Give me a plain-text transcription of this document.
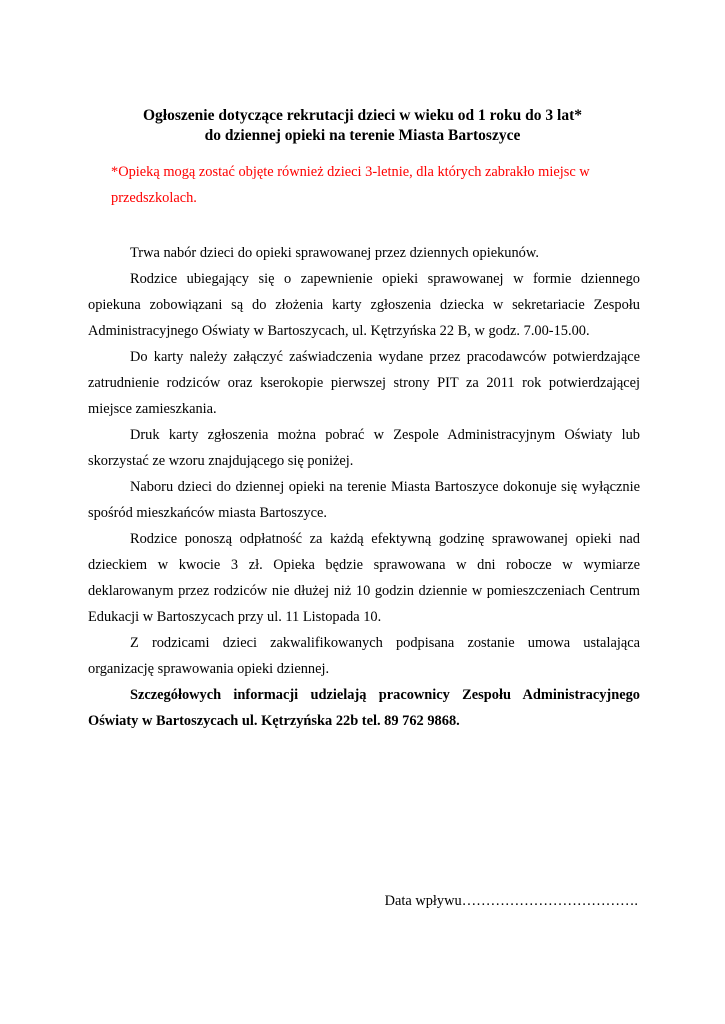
Ogłoszenie dotyczące rekrutacji dzieci w wieku od 1 roku do 3 lat*
do dziennej opieki na terenie Miasta Bartoszyce
*Opieką mogą zostać objęte również dzieci 3-letnie, dla których zabrakło miejsc w przedszkolach.

Trwa nabór dzieci do opieki sprawowanej przez dziennych opiekunów.

Rodzice ubiegający się o zapewnienie opieki sprawowanej w formie dziennego opiekuna zobowiązani są do złożenia karty zgłoszenia dziecka w sekretariacie Zespołu Administracyjnego Oświaty w Bartoszycach, ul. Kętrzyńska 22 B, w godz. 7.00-15.00.

Do karty należy załączyć zaświadczenia wydane przez pracodawców potwierdzające zatrudnienie rodziców oraz kserokopie pierwszej strony PIT za 2011 rok potwierdzającej miejsce zamieszkania.

Druk karty zgłoszenia można pobrać w Zespole Administracyjnym Oświaty lub skorzystać ze wzoru znajdującego się poniżej.

Naboru dzieci do dziennej opieki na terenie Miasta Bartoszyce dokonuje się wyłącznie spośród mieszkańców miasta Bartoszyce.

Rodzice ponoszą odpłatność za każdą efektywną godzinę sprawowanej opieki nad dzieckiem w kwocie 3 zł. Opieka będzie sprawowana w dni robocze w wymiarze deklarowanym przez rodziców nie dłużej niż 10 godzin dziennie w pomieszczeniach Centrum Edukacji w Bartoszycach przy ul. 11 Listopada 10.

Z rodzicami dzieci zakwalifikowanych podpisana zostanie umowa ustalająca organizację sprawowania opieki dziennej.

Szczegółowych informacji udzielają pracownicy Zespołu Administracyjnego Oświaty w Bartoszycach ul. Kętrzyńska 22b tel. 89 762 9868.

Data wpływu……………………………….
